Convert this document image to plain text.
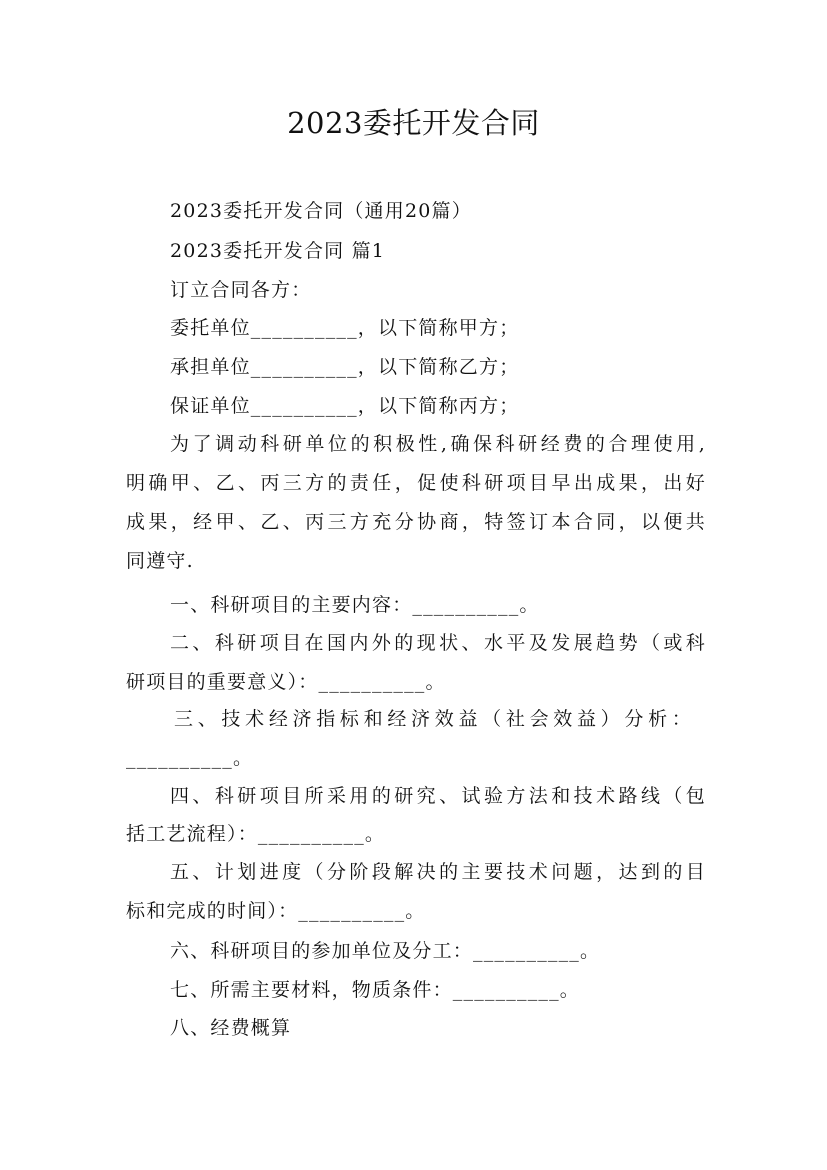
2023委托开发合同
2023委托开发合同（通用20篇）
2023委托开发合同 篇1
订立合同各方：
委托单位__________，以下简称甲方；
承担单位__________，以下简称乙方；
保证单位__________，以下简称丙方；
为了调动科研单位的积极性,确保科研经费的合理使用,
明确甲、乙、丙三方的责任，促使科研项目早出成果，出好
成果，经甲、乙、丙三方充分协商，特签订本合同，以便共
同遵守.
一、科研项目的主要内容：__________。
二、科研项目在国内外的现状、水平及发展趋势（或科
研项目的重要意义）：__________。
三、技术经济指标和经济效益（社会效益）分析：
__________。
四、科研项目所采用的研究、试验方法和技术路线（包
括工艺流程）：__________。
五、计划进度（分阶段解决的主要技术问题，达到的目
标和完成的时间）：__________。
六、科研项目的参加单位及分工：__________。
七、所需主要材料，物质条件：__________。
八、经费概算
